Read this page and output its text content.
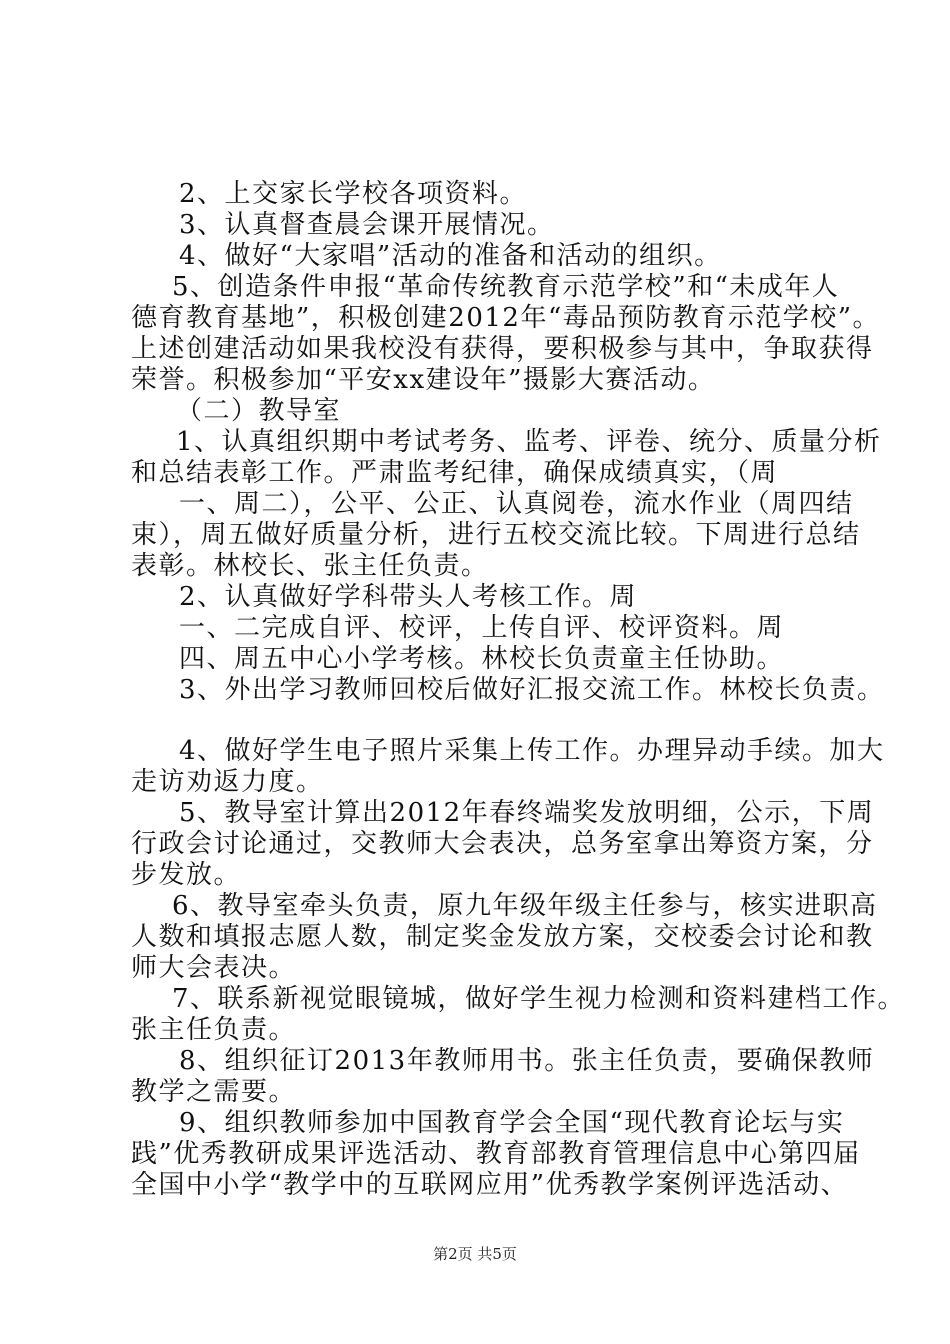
2、上交家长学校各项资料。
3、认真督查晨会课开展情况。
4、做好“大家唱”活动的准备和活动的组织。
5、创造条件申报“革命传统教育示范学校”和“未成年人
德育教育基地”，积极创建2012年“毒品预防教育示范学校”。
上述创建活动如果我校没有获得，要积极参与其中，争取获得
荣誉。积极参加“平安xx建设年”摄影大赛活动。
（二）教导室
1、认真组织期中考试考务、监考、评卷、统分、质量分析
和总结表彰工作。严肃监考纪律，确保成绩真实，（周
一、周二），公平、公正、认真阅卷，流水作业（周四结
束），周五做好质量分析，进行五校交流比较。下周进行总结
表彰。林校长、张主任负责。
2、认真做好学科带头人考核工作。周
一、二完成自评、校评，上传自评、校评资料。周
四、周五中心小学考核。林校长负责童主任协助。
3、外出学习教师回校后做好汇报交流工作。林校长负责。
4、做好学生电子照片采集上传工作。办理异动手续。加大
走访劝返力度。
5、教导室计算出2012年春终端奖发放明细，公示，下周
行政会讨论通过，交教师大会表决，总务室拿出筹资方案，分
步发放。
6、教导室牵头负责，原九年级年级主任参与，核实进职高
人数和填报志愿人数，制定奖金发放方案，交校委会讨论和教
师大会表决。
7、联系新视觉眼镜城，做好学生视力检测和资料建档工作。
张主任负责。
8、组织征订2013年教师用书。张主任负责，要确保教师
教学之需要。
9、组织教师参加中国教育学会全国“现代教育论坛与实
践”优秀教研成果评选活动、教育部教育管理信息中心第四届
全国中小学“教学中的互联网应用”优秀教学案例评选活动、
第2页 共5页
